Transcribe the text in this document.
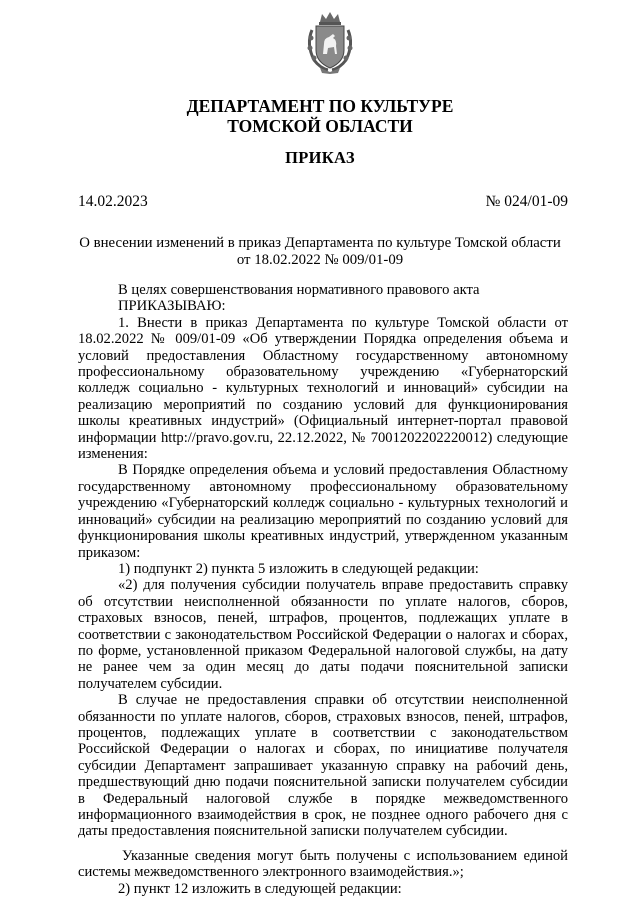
ДЕПАРТАМЕНТ ПО КУЛЬТУРЕ
ТОМСКОЙ ОБЛАСТИ
ПРИКАЗ
14.02.2023	№ 024/01-09
О внесении изменений в приказ Департамента по культуре Томской области
от 18.02.2022 № 009/01-09

В целях совершенствования нормативного правового акта

ПРИКАЗЫВАЮ:

1. Внести в приказ Департамента по культуре Томской области от 18.02.2022 № 009/01-09 «Об утверждении Порядка определения объема и условий предоставления Областному государственному автономному профессиональному образовательному учреждению «Губернаторский колледж социально - культурных технологий и инноваций» субсидии на реализацию мероприятий по созданию условий для функционирования школы креативных индустрий» (Официальный интернет-портал правовой информации http://pravo.gov.ru, 22.12.2022, № 7001202202220012) следующие изменения:

В Порядке определения объема и условий предоставления Областному государственному автономному профессиональному образовательному учреждению «Губернаторский колледж социально - культурных технологий и инноваций» субсидии на реализацию мероприятий по созданию условий для функционирования школы креативных индустрий, утвержденном указанным приказом:

1) подпункт 2) пункта 5 изложить в следующей редакции:

«2) для получения субсидии получатель вправе предоставить справку об отсутствии неисполненной обязанности по уплате налогов, сборов, страховых взносов, пеней, штрафов, процентов, подлежащих уплате в соответствии с законодательством Российской Федерации о налогах и сборах, по форме, установленной приказом Федеральной налоговой службы, на дату не ранее чем за один месяц до даты подачи пояснительной записки получателем субсидии.

В случае не предоставления справки об отсутствии неисполненной обязанности по уплате налогов, сборов, страховых взносов, пеней, штрафов, процентов, подлежащих уплате в соответствии с законодательством Российской Федерации о налогах и сборах, по инициативе получателя субсидии Департамент запрашивает указанную справку на рабочий день, предшествующий дню подачи пояснительной записки получателем субсидии в Федеральный налоговой службе в порядке межведомственного информационного взаимодействия в срок, не позднее одного рабочего дня с даты предоставления пояснительной записки получателем субсидии.

Указанные сведения могут быть получены с использованием единой системы межведомственного электронного взаимодействия.»;

2) пункт 12 изложить в следующей редакции:
